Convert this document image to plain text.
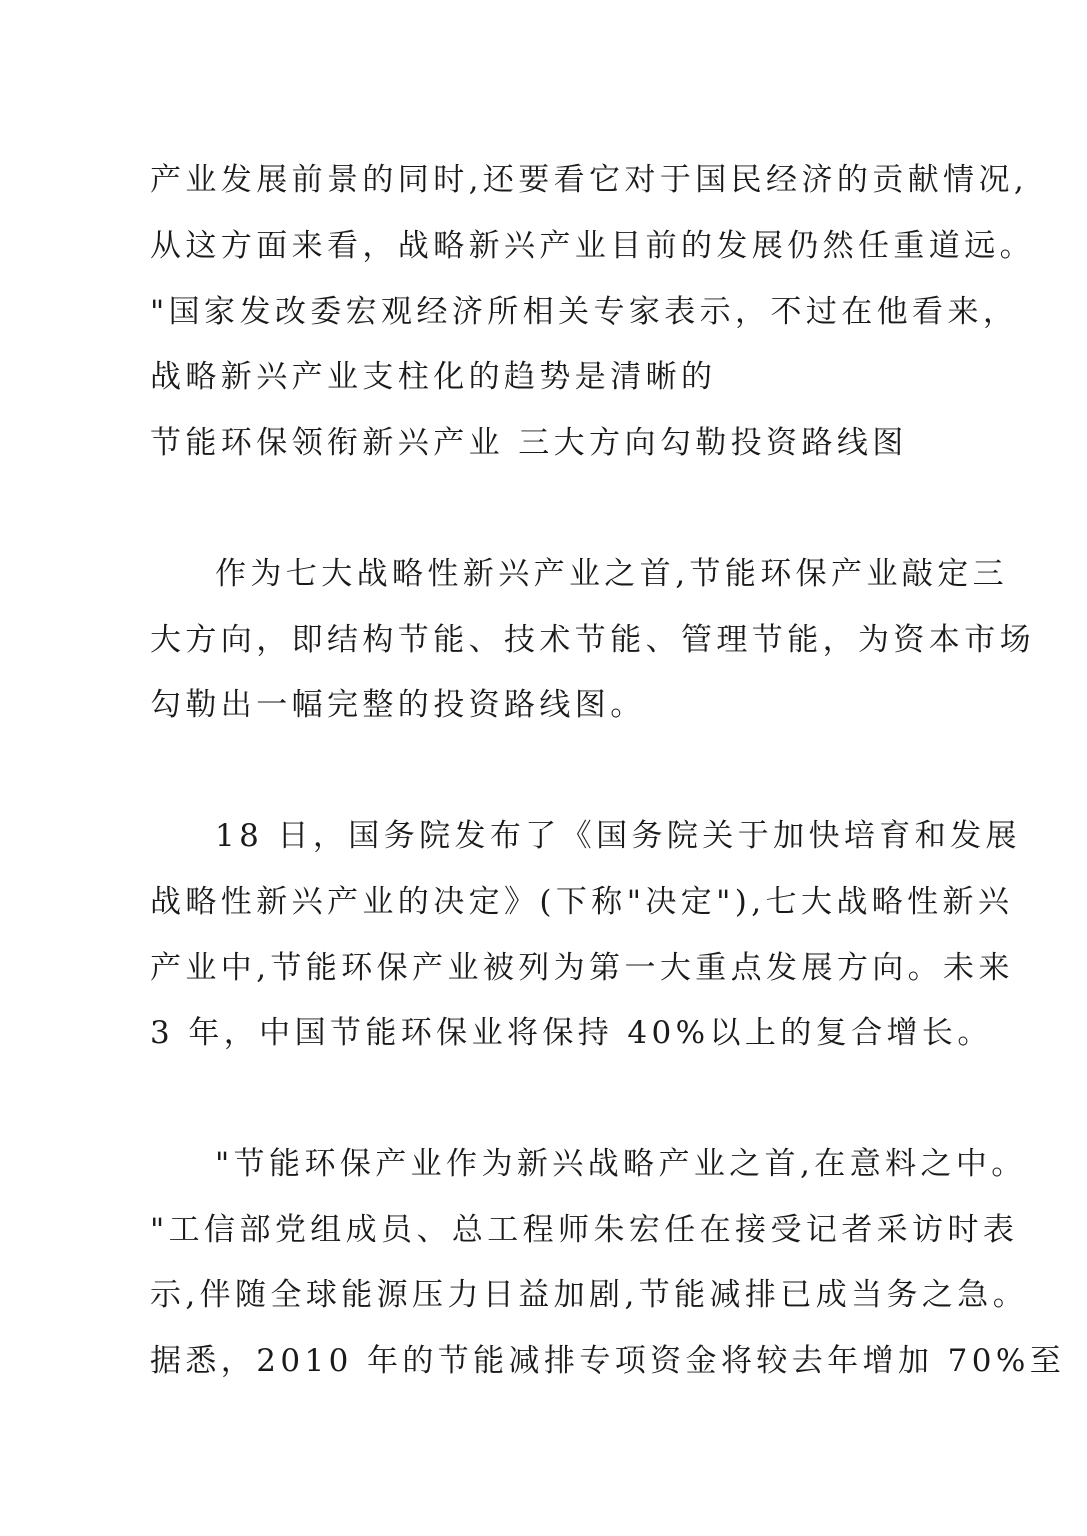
产业发展前景的同时,还要看它对于国民经济的贡献情况,
从这方面来看，战略新兴产业目前的发展仍然任重道远。
"国家发改委宏观经济所相关专家表示，不过在他看来，
战略新兴产业支柱化的趋势是清晰的
节能环保领衔新兴产业 三大方向勾勒投资路线图
作为七大战略性新兴产业之首,节能环保产业敲定三
大方向，即结构节能、技术节能、管理节能，为资本市场
勾勒出一幅完整的投资路线图。
18 日，国务院发布了《国务院关于加快培育和发展
战略性新兴产业的决定》(下称"决定"),七大战略性新兴
产业中,节能环保产业被列为第一大重点发展方向。未来
3 年，中国节能环保业将保持 40%以上的复合增长。
"节能环保产业作为新兴战略产业之首,在意料之中。
"工信部党组成员、总工程师朱宏任在接受记者采访时表
示,伴随全球能源压力日益加剧,节能减排已成当务之急。
据悉，2010 年的节能减排专项资金将较去年增加 70%至
